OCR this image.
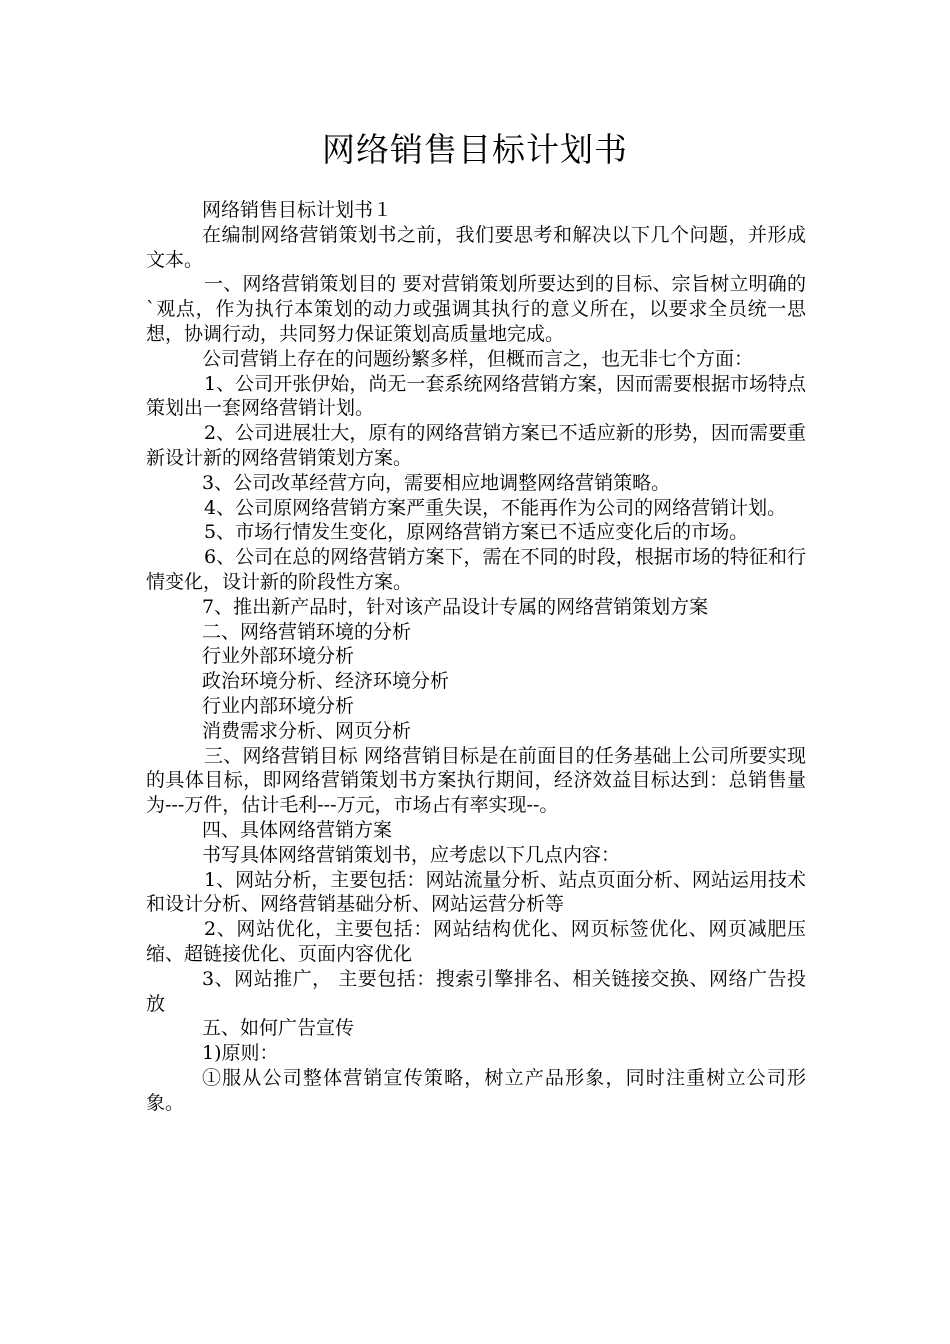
网络销售目标计划书

网络销售目标计划书１

在编制网络营销策划书之前，我们要思考和解决以下几个问题，并形成文本。

一、网络营销策划目的 要对营销策划所要达到的目标、宗旨树立明确的`观点，作为执行本策划的动力或强调其执行的意义所在，以要求全员统一思想，协调行动，共同努力保证策划高质量地完成。

公司营销上存在的问题纷繁多样，但概而言之，也无非七个方面：

1、公司开张伊始，尚无一套系统网络营销方案，因而需要根据市场特点策划出一套网络营销计划。

2、公司进展壮大，原有的网络营销方案已不适应新的形势，因而需要重新设计新的网络营销策划方案。

3、公司改革经营方向，需要相应地调整网络营销策略。

4、公司原网络营销方案严重失误，不能再作为公司的网络营销计划。

5、市场行情发生变化，原网络营销方案已不适应变化后的市场。

6、公司在总的网络营销方案下，需在不同的时段，根据市场的特征和行情变化，设计新的阶段性方案。

7、推出新产品时，针对该产品设计专属的网络营销策划方案

二、网络营销环境的分析

行业外部环境分析

政治环境分析、经济环境分析

行业内部环境分析

消费需求分析、网页分析

三、网络营销目标 网络营销目标是在前面目的任务基础上公司所要实现的具体目标，即网络营销策划书方案执行期间，经济效益目标达到：总销售量为---万件，估计毛利---万元，市场占有率实现--。

四、具体网络营销方案

书写具体网络营销策划书，应考虑以下几点内容：

1、网站分析，主要包括：网站流量分析、站点页面分析、网站运用技术和设计分析、网络营销基础分析、网站运营分析等

2、网站优化，主要包括：网站结构优化、网页标签优化、网页减肥压缩、超链接优化、页面内容优化

3、网站推广， 主要包括：搜索引擎排名、相关链接交换、网络广告投放

五、如何广告宣传

1)原则：

①服从公司整体营销宣传策略，树立产品形象，同时注重树立公司形象。
